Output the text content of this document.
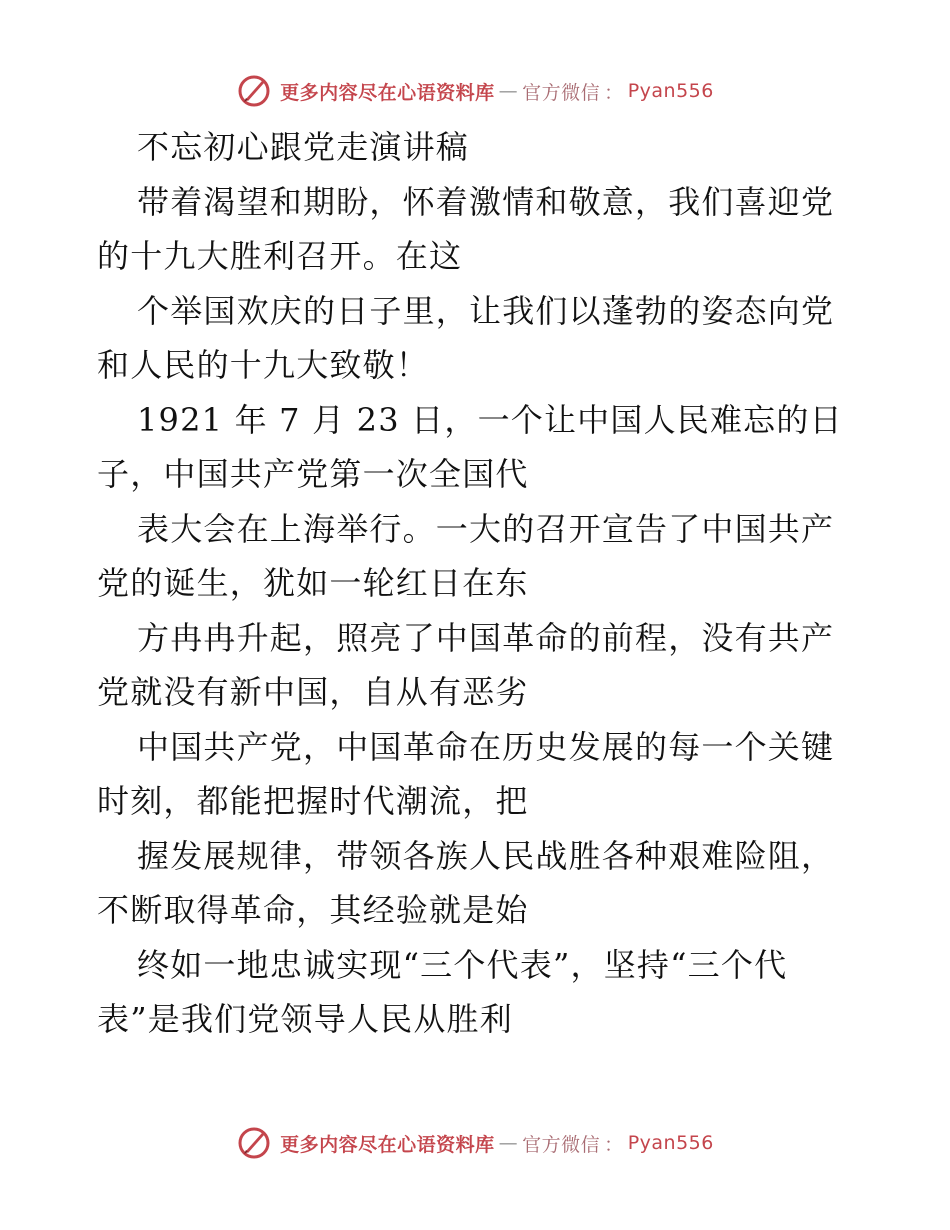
更多内容尽在心语资料库 — 官方微信 ： Pyan556
不忘初心跟党走演讲稿
带着渴望和期盼，怀着激情和敬意，我们喜迎党
的十九大胜利召开。在这
个举国欢庆的日子里，让我们以蓬勃的姿态向党
和人民的十九大致敬！
1921 年 7 月 23 日，一个让中国人民难忘的日
子，中国共产党第一次全国代
表大会在上海举行。一大的召开宣告了中国共产
党的诞生，犹如一轮红日在东
方冉冉升起，照亮了中国革命的前程，没有共产
党就没有新中国，自从有恶劣
中国共产党，中国革命在历史发展的每一个关键
时刻，都能把握时代潮流，把
握发展规律，带领各族人民战胜各种艰难险阻，
不断取得革命，其经验就是始
终如一地忠诚实现“三个代表”，坚持“三个代
表”是我们党领导人民从胜利
更多内容尽在心语资料库 — 官方微信 ： Pyan556
